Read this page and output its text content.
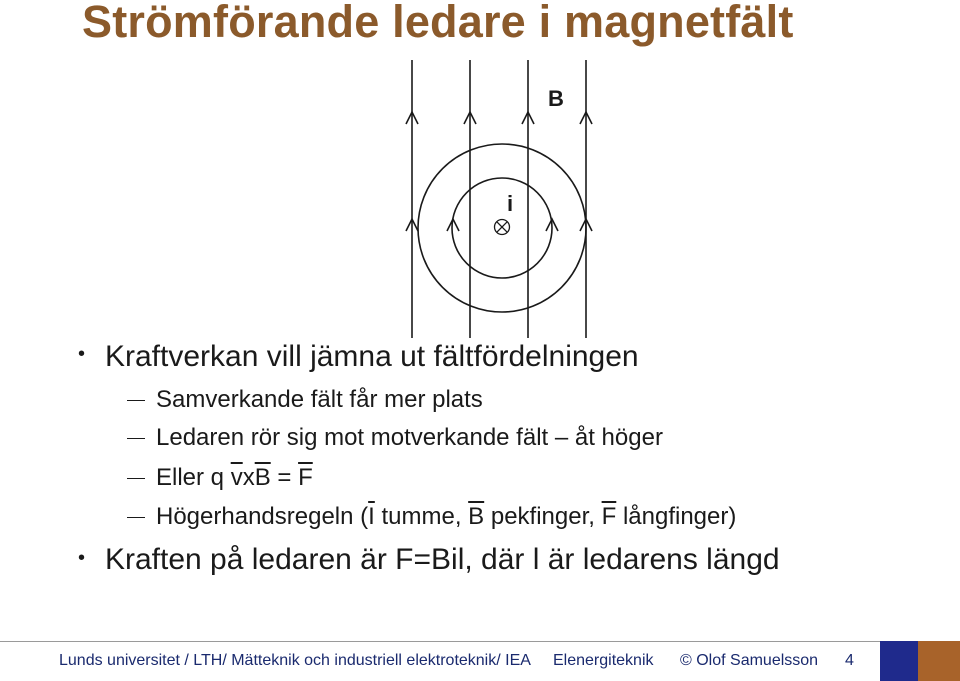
Strömförande ledare i magnetfält
B
i
• Kraftverkan vill jämna ut fältfördelningen
Samverkande fält får mer plats
Ledaren rör sig mot motverkande fält – åt höger
Eller q $\overline{v}x\overline{B} = \overline{F}$
Högerhandsregeln ($\overline{I}$ tumme, $\overline{B}$ pekfinger, $\overline{F}$ långfinger)
• Kraften på ledaren är F=Bil, där l är ledarens längd
Lunds universitet / LTH/ Mätteknik och industriell elektroteknik/ IEA Elenergiteknik © Olof Samuelsson 4
